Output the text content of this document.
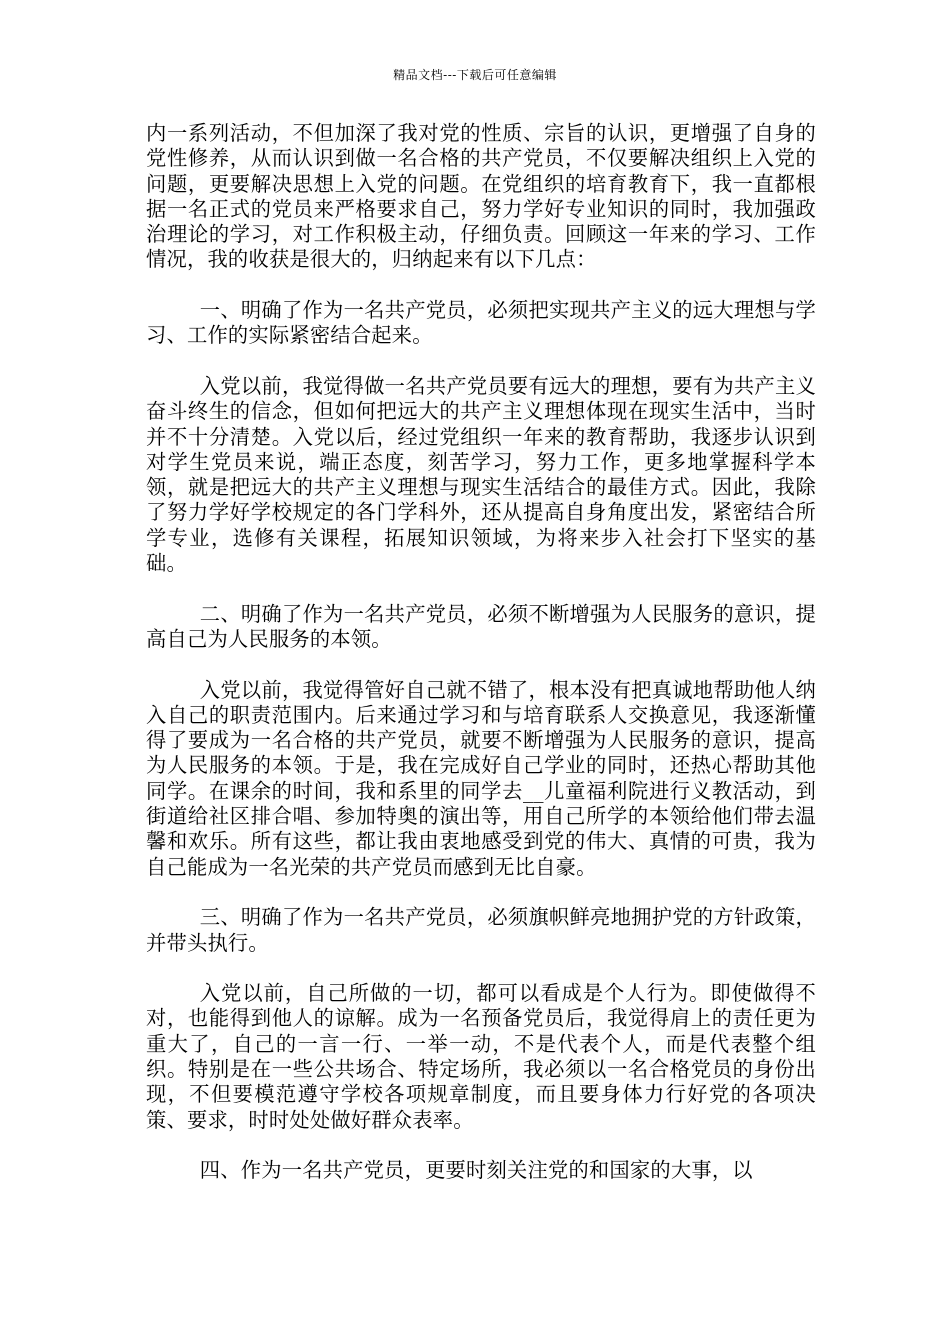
精品文档---下载后可任意编辑

内一系列活动，不但加深了我对党的性质、宗旨的认识，更增强了自身的党性修养，从而认识到做一名合格的共产党员，不仅要解决组织上入党的问题，更要解决思想上入党的问题。在党组织的培育教育下，我一直都根据一名正式的党员来严格要求自己，努力学好专业知识的同时，我加强政治理论的学习，对工作积极主动，仔细负责。回顾这一年来的学习、工作情况，我的收获是很大的，归纳起来有以下几点：

一、明确了作为一名共产党员，必须把实现共产主义的远大理想与学习、工作的实际紧密结合起来。

入党以前，我觉得做一名共产党员要有远大的理想，要有为共产主义奋斗终生的信念，但如何把远大的共产主义理想体现在现实生活中，当时并不十分清楚。入党以后，经过党组织一年来的教育帮助，我逐步认识到对学生党员来说，端正态度，刻苦学习，努力工作，更多地掌握科学本领，就是把远大的共产主义理想与现实生活结合的最佳方式。因此，我除了努力学好学校规定的各门学科外，还从提高自身角度出发，紧密结合所学专业，选修有关课程，拓展知识领域，为将来步入社会打下坚实的基础。

二、明确了作为一名共产党员，必须不断增强为人民服务的意识，提高自己为人民服务的本领。

入党以前，我觉得管好自己就不错了，根本没有把真诚地帮助他人纳入自己的职责范围内。后来通过学习和与培育联系人交换意见，我逐渐懂得了要成为一名合格的共产党员，就要不断增强为人民服务的意识，提高为人民服务的本领。于是，我在完成好自己学业的同时，还热心帮助其他同学。在课余的时间，我和系里的同学去__儿童福利院进行义教活动，到街道给社区排合唱、参加特奥的演出等，用自己所学的本领给他们带去温馨和欢乐。所有这些，都让我由衷地感受到党的伟大、真情的可贵，我为自己能成为一名光荣的共产党员而感到无比自豪。

三、明确了作为一名共产党员，必须旗帜鲜亮地拥护党的方针政策，并带头执行。

入党以前，自己所做的一切，都可以看成是个人行为。即使做得不对，也能得到他人的谅解。成为一名预备党员后，我觉得肩上的责任更为重大了，自己的一言一行、一举一动，不是代表个人，而是代表整个组织。特别是在一些公共场合、特定场所，我必须以一名合格党员的身份出现，不但要模范遵守学校各项规章制度，而且要身体力行好党的各项决策、要求，时时处处做好群众表率。

四、作为一名共产党员，更要时刻关注党的和国家的大事，以
